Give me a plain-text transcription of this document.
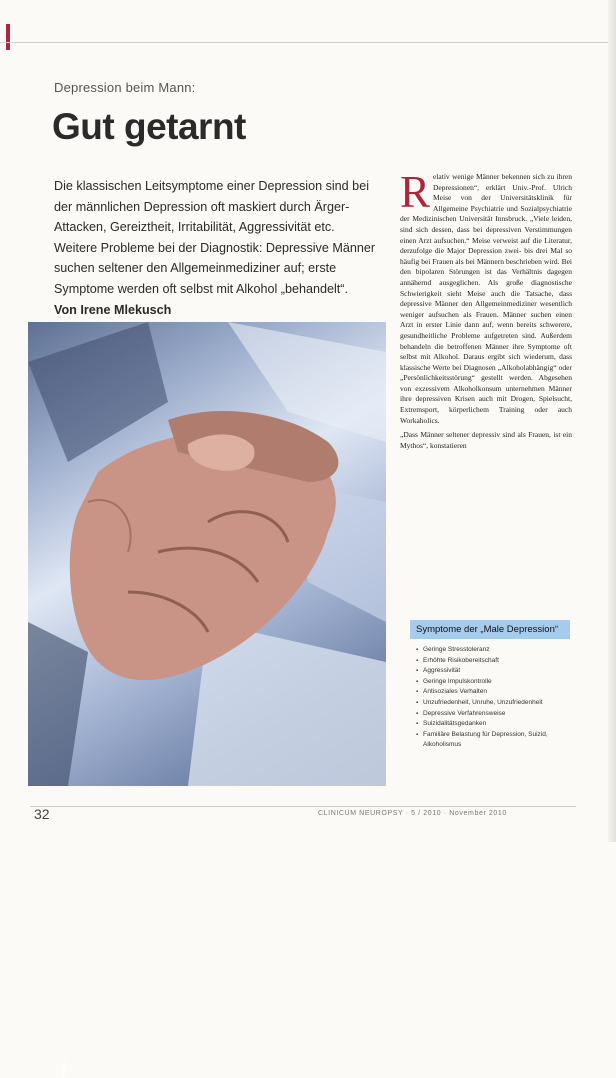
Depression beim Mann:
Gut getarnt
Die klassischen Leitsymptome einer Depression sind bei der männlichen Depression oft maskiert durch Ärger-Attacken, Gereiztheit, Irritabilität, Aggressivität etc. Weitere Probleme bei der Diagnostik: Depressive Männer suchen seltener den Allgemeinmediziner auf; erste Symptome werden oft selbst mit Alkohol „behandelt“.
Von Irene Mlekusch
Fotolia

Relativ wenige Männer bekennen sich zu ihren Depressionen“, erklärt Univ.-Prof. Ulrich Meise von der Universitätsklinik für Allgemeine Psychiatrie und Sozialpsychiatrie der Medizinischen Universität Innsbruck. „Viele leiden, sind sich dessen, dass bei depressiven Verstimmungen einen Arzt aufsuchen.“ Meise verweist auf die Literatur, derzufolge die Major Depression zwei- bis drei Mal so häufig bei Frauen als bei Männern beschrieben wird. Bei den bipolaren Störungen ist das Verhältnis dagegen annähernd ausgeglichen. Als große diagnostische Schwierigkeit sieht Meise auch die Tatsache, dass depressive Männer den Allgemeinmediziner wesentlich weniger aufsuchen als Frauen. Männer suchen einen Arzt in erster Linie dann auf, wenn bereits schwerere, gesundheitliche Probleme aufgetreten sind. Außerdem behandeln die betroffenen Männer ihre Symptome oft selbst mit Alkohol. Daraus ergibt sich wiederum, dass klassische Werte bei Diagnosen „Alkoholabhängig“ oder „Persönlichkeitsstörung“ gestellt werden. Abgesehen von exzessivem Alkoholkonsum unternehmen Männer ihre depressiven Krisen auch mit Drogen, Spielsucht, Extremsport, körperlichem Training oder auch Workaholics.

„Dass Männer seltener depressiv sind als Frauen, ist ein Mythos“, konstatieren

Symptome der „Male Depression“
▪ Geringe Stresstoleranz
▪ Erhöhte Risikobereitschaft
▪ Aggressivität
▪ Geringe Impulskontrolle
▪ Antisoziales Verhalten
▪ Unzufriedenheit, Unruhe, Unzufriedenheit
▪ Depressive Verfahrensweise
▪ Suizidalitätsgedanken
▪ Familiäre Belastung für Depression, Suizid, Alkoholismus
32	CLINICUM NEUROPSY · 5 / 2010 · November 2010
